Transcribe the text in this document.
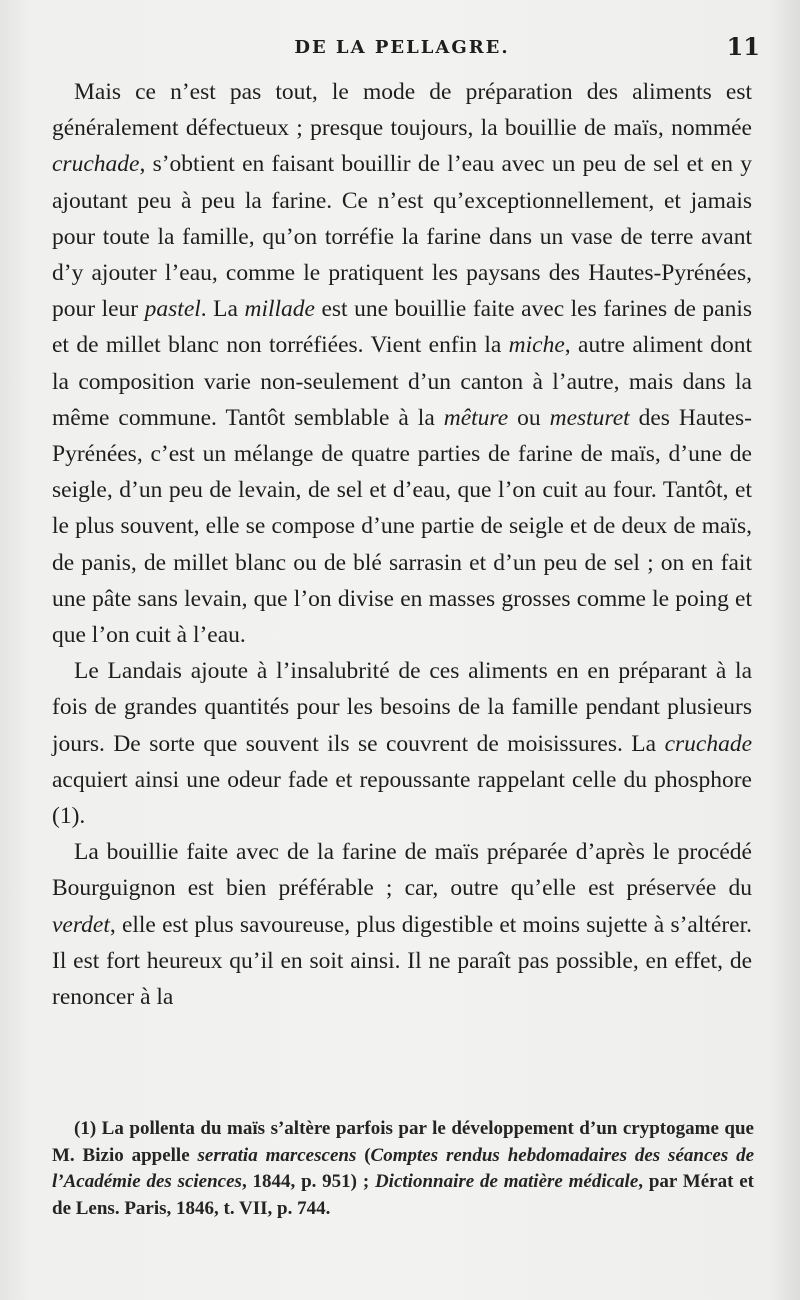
DE LA PELLAGRE.	11

Mais ce n’est pas tout, le mode de préparation des aliments est généralement défectueux ; presque toujours, la bouillie de maïs, nommée cruchade, s’obtient en faisant bouillir de l’eau avec un peu de sel et en y ajoutant peu à peu la farine. Ce n’est qu’exceptionnellement, et jamais pour toute la famille, qu’on torréfie la farine dans un vase de terre avant d’y ajouter l’eau, comme le pratiquent les paysans des Hautes-Pyrénées, pour leur pastel. La millade est une bouillie faite avec les farines de panis et de millet blanc non torréfiées. Vient enfin la miche, autre aliment dont la composition varie non-seulement d’un canton à l’autre, mais dans la même commune. Tantôt semblable à la mêture ou mesturet des Hautes-Pyrénées, c’est un mélange de quatre parties de farine de maïs, d’une de seigle, d’un peu de levain, de sel et d’eau, que l’on cuit au four. Tantôt, et le plus souvent, elle se compose d’une partie de seigle et de deux de maïs, de panis, de millet blanc ou de blé sarrasin et d’un peu de sel ; on en fait une pâte sans levain, que l’on divise en masses grosses comme le poing et que l’on cuit à l’eau.

Le Landais ajoute à l’insalubrité de ces aliments en en préparant à la fois de grandes quantités pour les besoins de la famille pendant plusieurs jours. De sorte que souvent ils se couvrent de moisissures. La cruchade acquiert ainsi une odeur fade et repoussante rappelant celle du phosphore (1).

La bouillie faite avec de la farine de maïs préparée d’après le procédé Bourguignon est bien préférable ; car, outre qu’elle est préservée du verdet, elle est plus savoureuse, plus digestible et moins sujette à s’altérer. Il est fort heureux qu’il en soit ainsi. Il ne paraît pas possible, en effet, de renoncer à la

(1) La pollenta du maïs s’altère parfois par le développement d’un cryptogame que M. Bizio appelle serratia marcescens (Comptes rendus hebdomadaires des séances de l’Académie des sciences, 1844, p. 951) ; Dictionnaire de matière médicale, par Mérat et de Lens. Paris, 1846, t. VII, p. 744.
